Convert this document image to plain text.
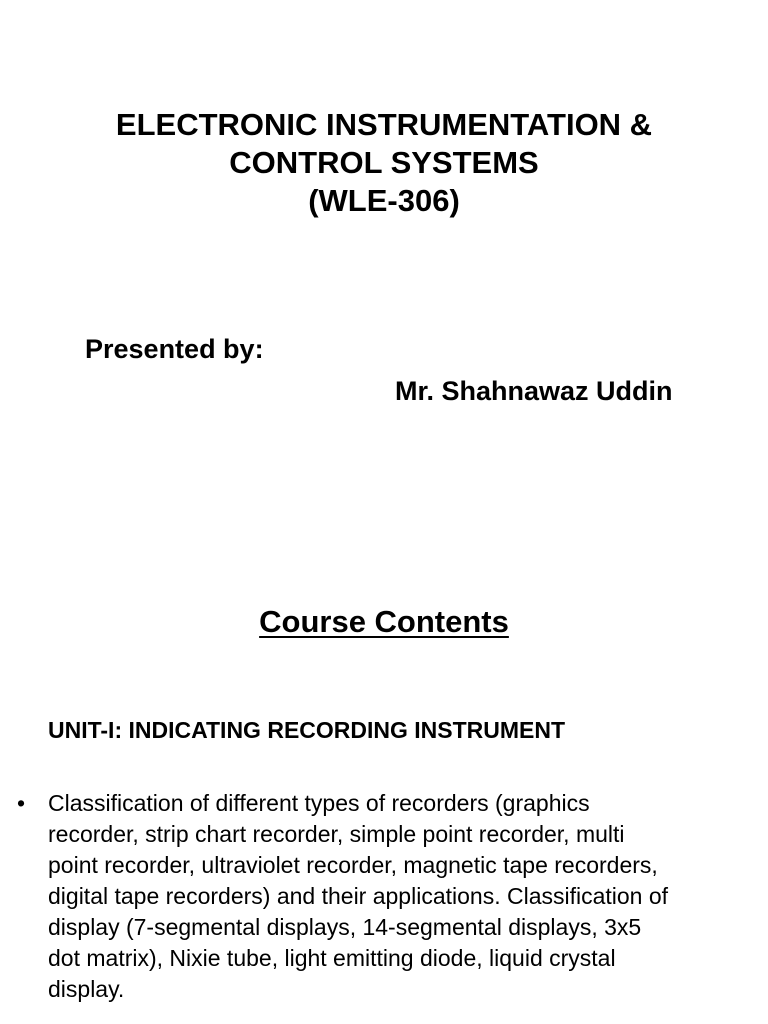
ELECTRONIC INSTRUMENTATION &
CONTROL SYSTEMS
(WLE-306)
Presented by:
Mr. Shahnawaz Uddin
Course Contents
UNIT-I: INDICATING RECORDING INSTRUMENT
• Classification of different types of recorders (graphics
recorder, strip chart recorder, simple point recorder, multi
point recorder, ultraviolet recorder, magnetic tape recorders,
digital tape recorders) and their applications. Classification of
display (7-segmental displays, 14-segmental displays, 3x5
dot matrix), Nixie tube, light emitting diode, liquid crystal
display.
